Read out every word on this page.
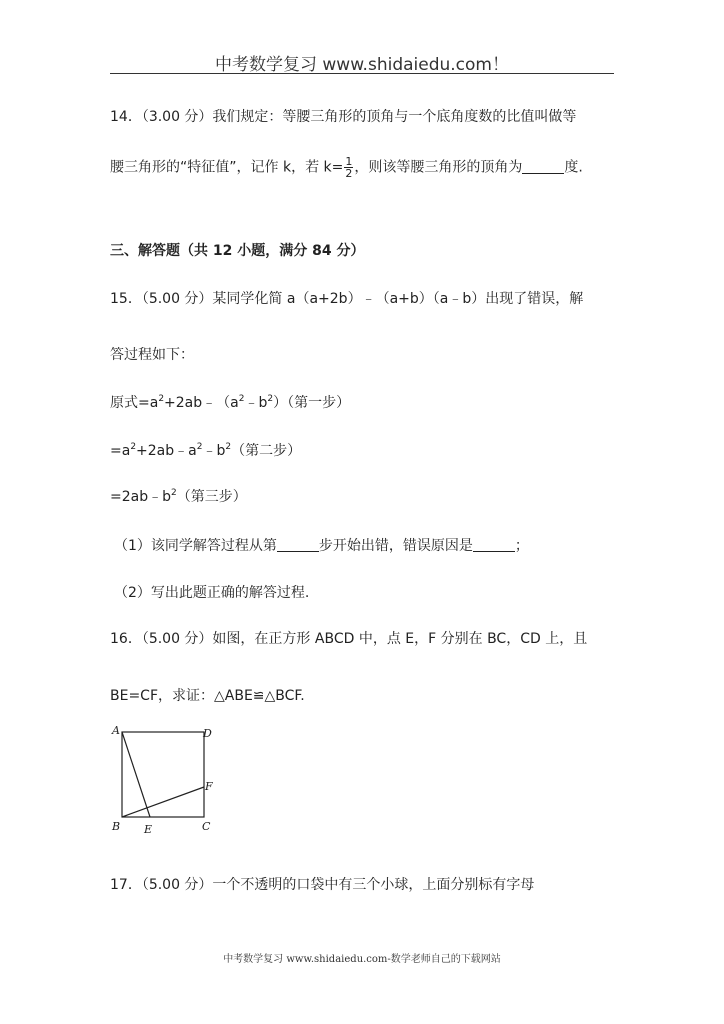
中考数学复习 www.shidaiedu.com！
14．（3.00 分）我们规定：等腰三角形的顶角与一个底角度数的比值叫做等
腰三角形的“特征值”，记作 k，若 $k= \frac{1}{2}$ ，则该等腰三角形的顶角为	度.
三、解答题（共 12 小题，满分 84 分）
15．（5.00 分）某同学化简 a（a+2b）﹣（a+b）（a﹣b）出现了错误，解
答过程如下：
原式$=a^2+2ab﹣(a^2﹣b^2)$（第一步）
$=a^2+2ab﹣a^2﹣b^2$（第二步）
$=2ab﹣b^2$（第三步）
（1）该同学解答过程从第	步开始出错，错误原因是	；
（2）写出此题正确的解答过程.
16．（5.00 分）如图，在正方形 ABCD 中，点 E，F 分别在 BC，CD 上，且
BE=CF，求证：△ABE≌△BCF.
A	D
F
B E	C
17．（5.00 分）一个不透明的口袋中有三个小球，上面分别标有字母
中考数学复习 www.shidaiedu.com-数学老师自己的下载网站
